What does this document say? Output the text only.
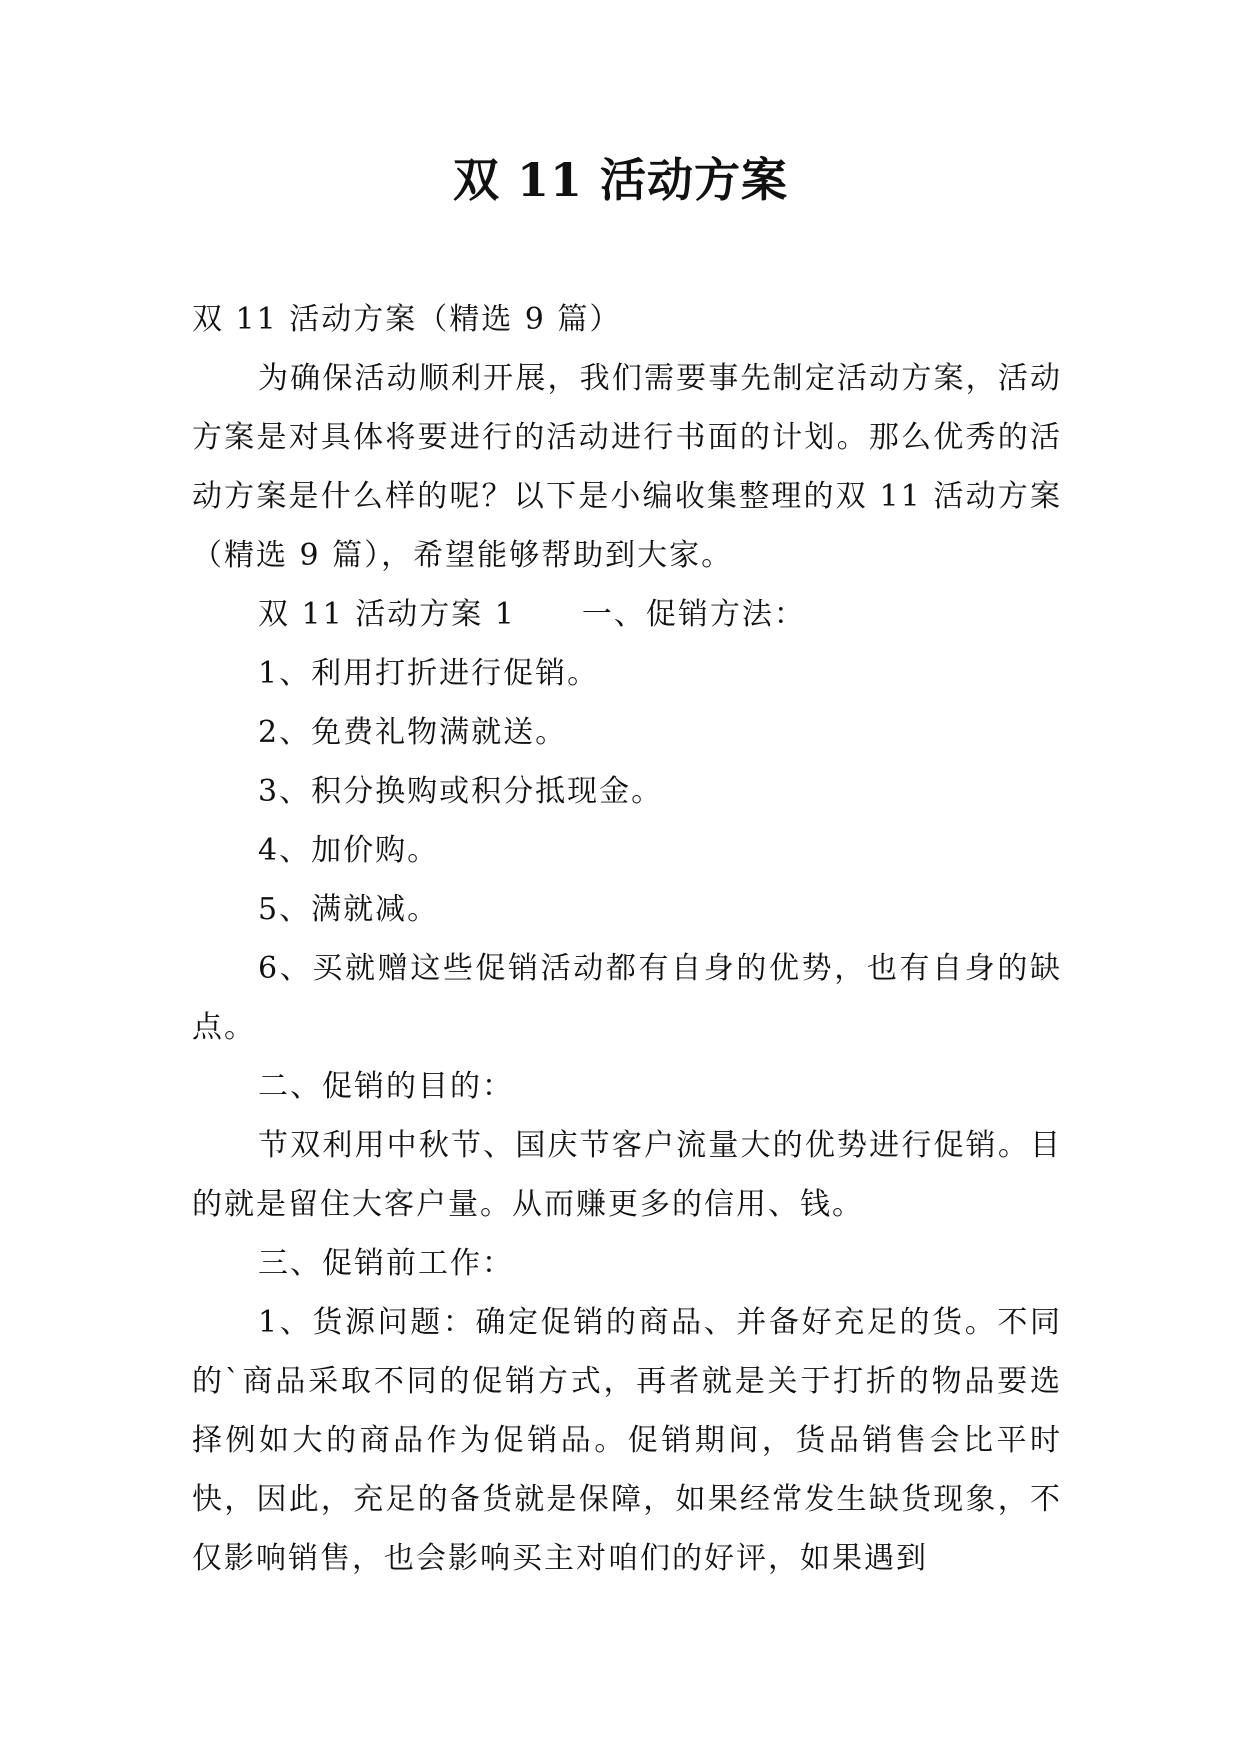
双 11 活动方案

双 11 活动方案（精选 9 篇）

为确保活动顺利开展，我们需要事先制定活动方案，活动方案是对具体将要进行的活动进行书面的计划。那么优秀的活动方案是什么样的呢？以下是小编收集整理的双 11 活动方案（精选 9 篇），希望能够帮助到大家。

双 11 活动方案 1 一、促销方法：

1、利用打折进行促销。

2、免费礼物满就送。

3、积分换购或积分抵现金。

4、加价购。

5、满就减。

6、买就赠这些促销活动都有自身的优势，也有自身的缺点。

二、促销的目的：

节双利用中秋节、国庆节客户流量大的优势进行促销。目的就是留住大客户量。从而赚更多的信用、钱。

三、促销前工作：

1、货源问题：确定促销的商品、并备好充足的货。不同的`商品采取不同的促销方式，再者就是关于打折的物品要选择例如大的商品作为促销品。促销期间，货品销售会比平时快，因此，充足的备货就是保障，如果经常发生缺货现象，不仅影响销售，也会影响买主对咱们的好评，如果遇到
